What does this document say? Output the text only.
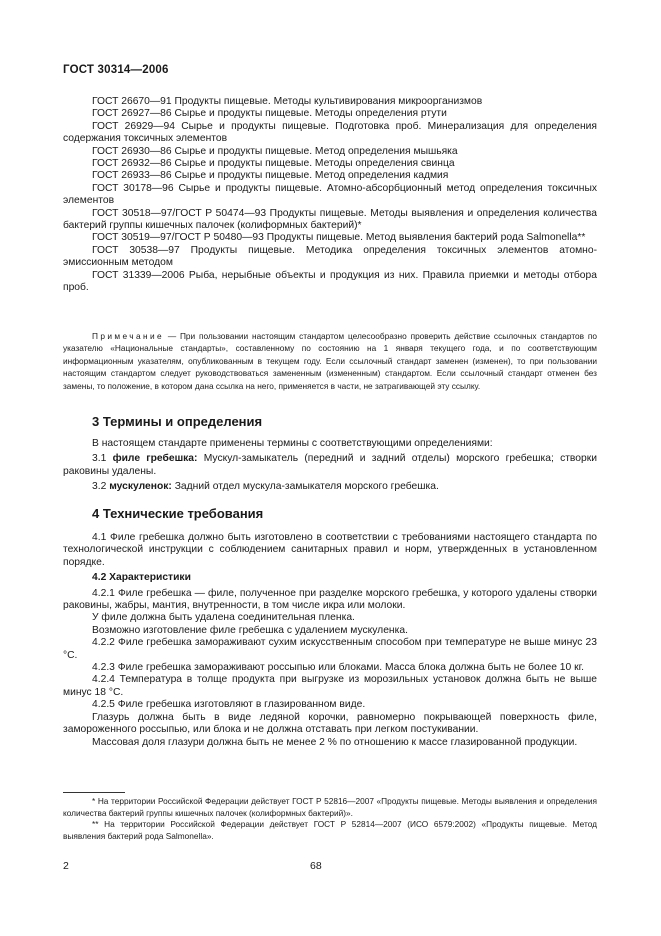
ГОСТ 30314—2006

ГОСТ 26670—91 Продукты пищевые. Методы культивирования микроорганизмов

ГОСТ 26927—86 Сырье и продукты пищевые. Методы определения ртути

ГОСТ 26929—94 Сырье и продукты пищевые. Подготовка проб. Минерализация для определения содержания токсичных элементов

ГОСТ 26930—86 Сырье и продукты пищевые. Метод определения мышьяка

ГОСТ 26932—86 Сырье и продукты пищевые. Методы определения свинца

ГОСТ 26933—86 Сырье и продукты пищевые. Метод определения кадмия

ГОСТ 30178—96 Сырье и продукты пищевые. Атомно-абсорбционный метод определения токсичных элементов

ГОСТ 30518—97/ГОСТ Р 50474—93 Продукты пищевые. Методы выявления и определения количества бактерий группы кишечных палочек (колиформных бактерий)*

ГОСТ 30519—97/ГОСТ Р 50480—93 Продукты пищевые. Метод выявления бактерий рода Salmonella**

ГОСТ 30538—97 Продукты пищевые. Методика определения токсичных элементов атомно-эмиссионным методом

ГОСТ 31339—2006 Рыба, нерыбные объекты и продукция из них. Правила приемки и методы отбора проб.

Примечание — При пользовании настоящим стандартом целесообразно проверить действие ссылочных стандартов по указателю «Национальные стандарты», составленному по состоянию на 1 января текущего года, и по соответствующим информационным указателям, опубликованным в текущем году. Если ссылочный стандарт заменен (изменен), то при пользовании настоящим стандартом следует руководствоваться замененным (измененным) стандартом. Если ссылочный стандарт отменен без замены, то положение, в котором дана ссылка на него, применяется в части, не затрагивающей эту ссылку.

3 Термины и определения

В настоящем стандарте применены термины с соответствующими определениями:

3.1 филе гребешка: Мускул-замыкатель (передний и задний отделы) морского гребешка; створки раковины удалены.

3.2 мускуленок: Задний отдел мускула-замыкателя морского гребешка.

4 Технические требования

4.1 Филе гребешка должно быть изготовлено в соответствии с требованиями настоящего стандарта по технологической инструкции с соблюдением санитарных правил и норм, утвержденных в установленном порядке.

4.2 Характеристики

4.2.1 Филе гребешка — филе, полученное при разделке морского гребешка, у которого удалены створки раковины, жабры, мантия, внутренности, в том числе икра или молоки.

У филе должна быть удалена соединительная пленка.

Возможно изготовление филе гребешка с удалением мускуленка.

4.2.2 Филе гребешка замораживают сухим искусственным способом при температуре не выше минус 23 °С.

4.2.3 Филе гребешка замораживают россыпью или блоками. Масса блока должна быть не более 10 кг.

4.2.4 Температура в толще продукта при выгрузке из морозильных установок должна быть не выше минус 18 °С.

4.2.5 Филе гребешка изготовляют в глазированном виде.

Глазурь должна быть в виде ледяной корочки, равномерно покрывающей поверхность филе, замороженного россыпью, или блока и не должна отставать при легком постукивании.

Массовая доля глазури должна быть не менее 2 % по отношению к массе глазированной продукции.

* На территории Российской Федерации действует ГОСТ Р 52816—2007 «Продукты пищевые. Методы выявления и определения количества бактерий группы кишечных палочек (колиформных бактерий)».

** На территории Российской Федерации действует ГОСТ Р 52814—2007 (ИСО 6579:2002) «Продукты пищевые. Метод выявления бактерий рода Salmonella».

2	68
